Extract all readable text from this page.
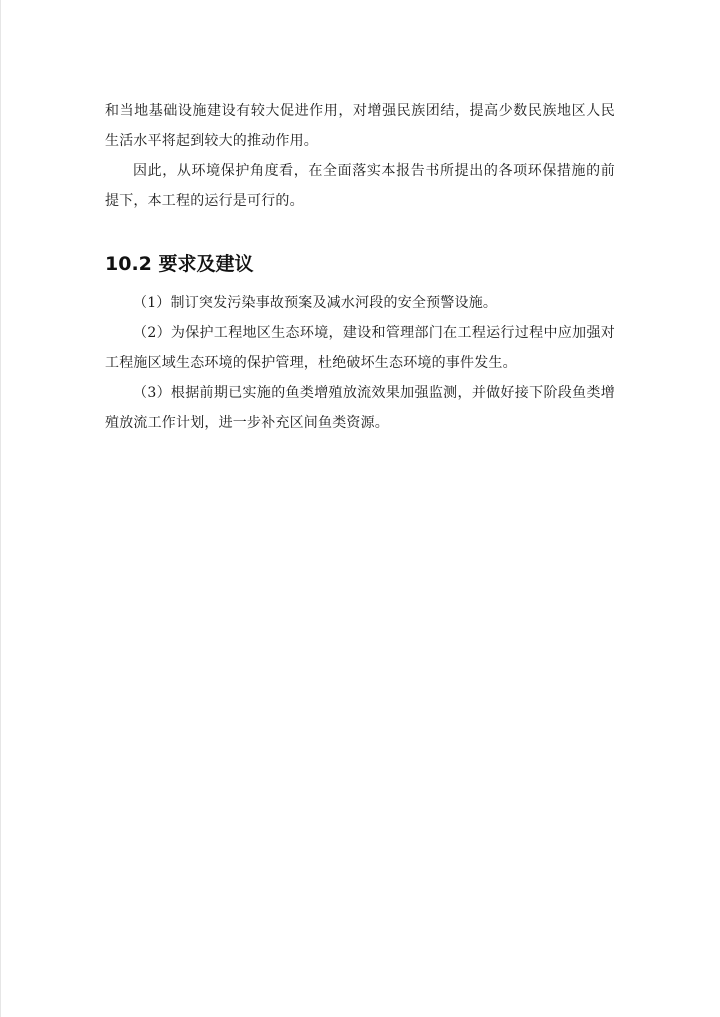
和当地基础设施建设有较大促进作用，对增强民族团结，提高少数民族地区人民生活水平将起到较大的推动作用。

因此，从环境保护角度看，在全面落实本报告书所提出的各项环保措施的前提下，本工程的运行是可行的。

10.2 要求及建议

（1）制订突发污染事故预案及减水河段的安全预警设施。

（2）为保护工程地区生态环境，建设和管理部门在工程运行过程中应加强对工程施区域生态环境的保护管理，杜绝破坏生态环境的事件发生。

（3）根据前期已实施的鱼类增殖放流效果加强监测，并做好接下阶段鱼类增殖放流工作计划，进一步补充区间鱼类资源。
